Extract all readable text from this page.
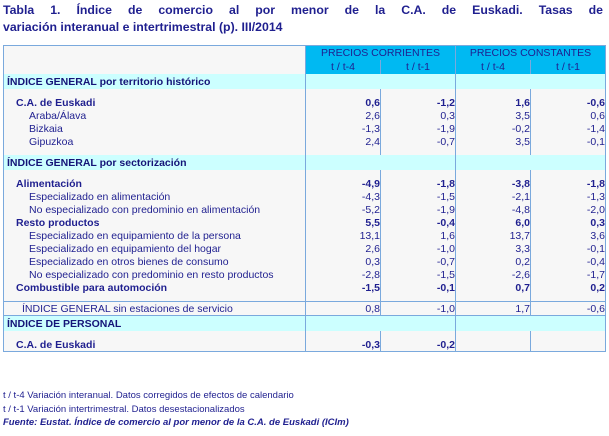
Tabla 1. Índice de comercio al por menor de la C.A. de Euskadi. Tasas de
variación interanual e intertrimestral (p). III/2014
	PRECIOS CORRIENTES		PRECIOS CONSTANTES	
	t / t-4	t / t-1	t / t-4	t / t-1
ÍNDICE GENERAL por territorio histórico				

C.A. de Euskadi	0,6	-1,2	1,6	-0,6
Araba/Álava	2,6	0,3	3,5	0,6
Bizkaia	-1,3	-1,9	-0,2	-1,4
Gipuzkoa	2,4	-0,7	3,5	-0,1

ÍNDICE GENERAL por sectorización				

Alimentación	-4,9	-1,8	-3,8	-1,8
Especializado en alimentación	-4,3	-1,5	-2,1	-1,3
No especializado con predominio en alimentación	-5,2	-1,9	-4,8	-2,0
Resto productos	5,5	-0,4	6,0	0,3
Especializado en equipamiento de la persona	13,1	1,6	13,7	3,6
Especializado en equipamiento del hogar	2,6	-1,0	3,3	-0,1
Especializado en otros bienes de consumo	0,3	-0,7	0,2	-0,4
No especializado con predominio en resto productos	-2,8	-1,5	-2,6	-1,7
Combustible para automoción	-1,5	-0,1	0,7	0,2

ÍNDICE GENERAL sin estaciones de servicio	0,8	-1,0	1,7	-0,6
ÍNDICE DE PERSONAL				

C.A. de Euskadi	-0,3	-0,2		
t / t-4 Variación interanual. Datos corregidos de efectos de calendario
t / t-1 Variación intertrimestral. Datos desestacionalizados
Fuente: Eustat. Índice de comercio al por menor de la C.A. de Euskadi (ICIm)
